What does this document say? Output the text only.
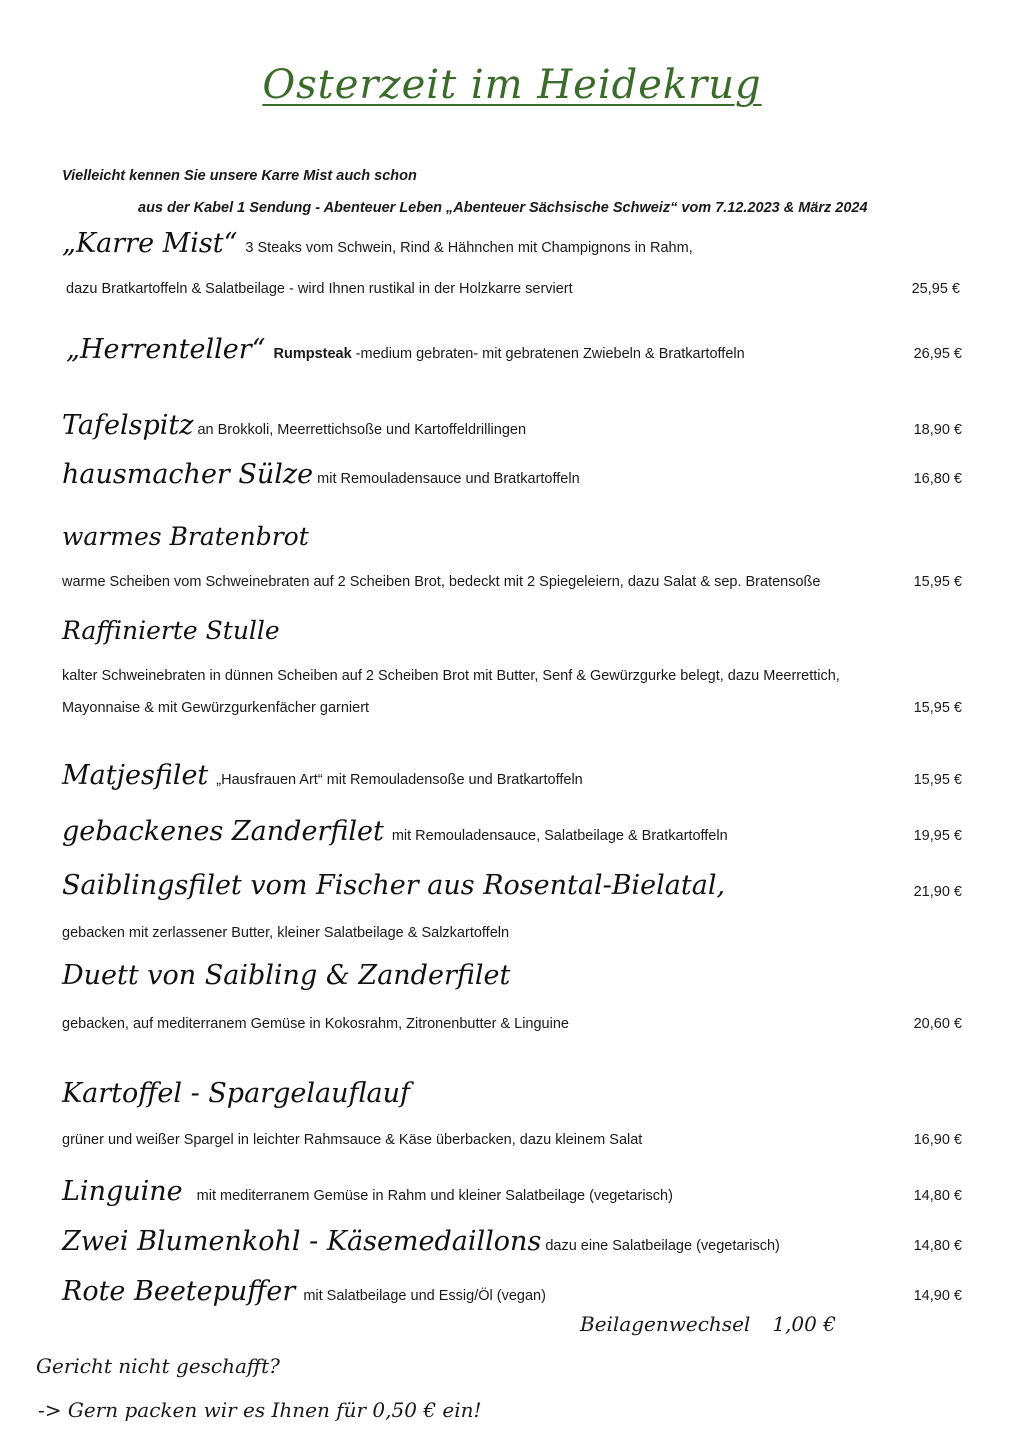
Osterzeit im Heidekrug
Vielleicht kennen Sie unsere Karre Mist auch schon
aus der Kabel 1 Sendung - Abenteuer Leben „Abenteuer Sächsische Schweiz“ vom 7.12.2023 & März 2024
„Karre Mist“ 3 Steaks vom Schwein, Rind & Hähnchen mit Champignons in Rahm,
dazu Bratkartoffeln & Salatbeilage - wird Ihnen rustikal in der Holzkarre serviert	25,95 €
„Herrenteller“ Rumpsteak -medium gebraten- mit gebratenen Zwiebeln & Bratkartoffeln	26,95 €
Tafelspitz an Brokkoli, Meerrettichsoße und Kartoffeldrillingen	18,90 €
hausmacher Sülze mit Remouladensauce und Bratkartoffeln	16,80 €
warmes Bratenbrot
warme Scheiben vom Schweinebraten auf 2 Scheiben Brot, bedeckt mit 2 Spiegeleiern, dazu Salat & sep. Bratensoße	15,95 €
Raffinierte Stulle
kalter Schweinebraten in dünnen Scheiben auf 2 Scheiben Brot mit Butter, Senf & Gewürzgurke belegt, dazu Meerrettich,
Mayonnaise & mit Gewürzgurkenfächer garniert	15,95 €
Matjesfilet „Hausfrauen Art“ mit Remouladensoße und Bratkartoffeln	15,95 €
gebackenes Zanderfilet mit Remouladensauce, Salatbeilage & Bratkartoffeln	19,95 €
Saiblingsfilet vom Fischer aus Rosental-Bielatal,	21,90 €
gebacken mit zerlassener Butter, kleiner Salatbeilage & Salzkartoffeln
Duett von Saibling & Zanderfilet
gebacken, auf mediterranem Gemüse in Kokosrahm, Zitronenbutter & Linguine	20,60 €
Kartoffel - Spargelauflauf
grüner und weißer Spargel in leichter Rahmsauce & Käse überbacken, dazu kleinem Salat	16,90 €
Linguine mit mediterranem Gemüse in Rahm und kleiner Salatbeilage (vegetarisch)	14,80 €
Zwei Blumenkohl - Käsemedaillons dazu eine Salatbeilage (vegetarisch)	14,80 €
Rote Beetepuffer mit Salatbeilage und Essig/Öl (vegan)	14,90 €
Beilagenwechsel 1,00 €
Gericht nicht geschafft?
-> Gern packen wir es Ihnen für 0,50 € ein!
